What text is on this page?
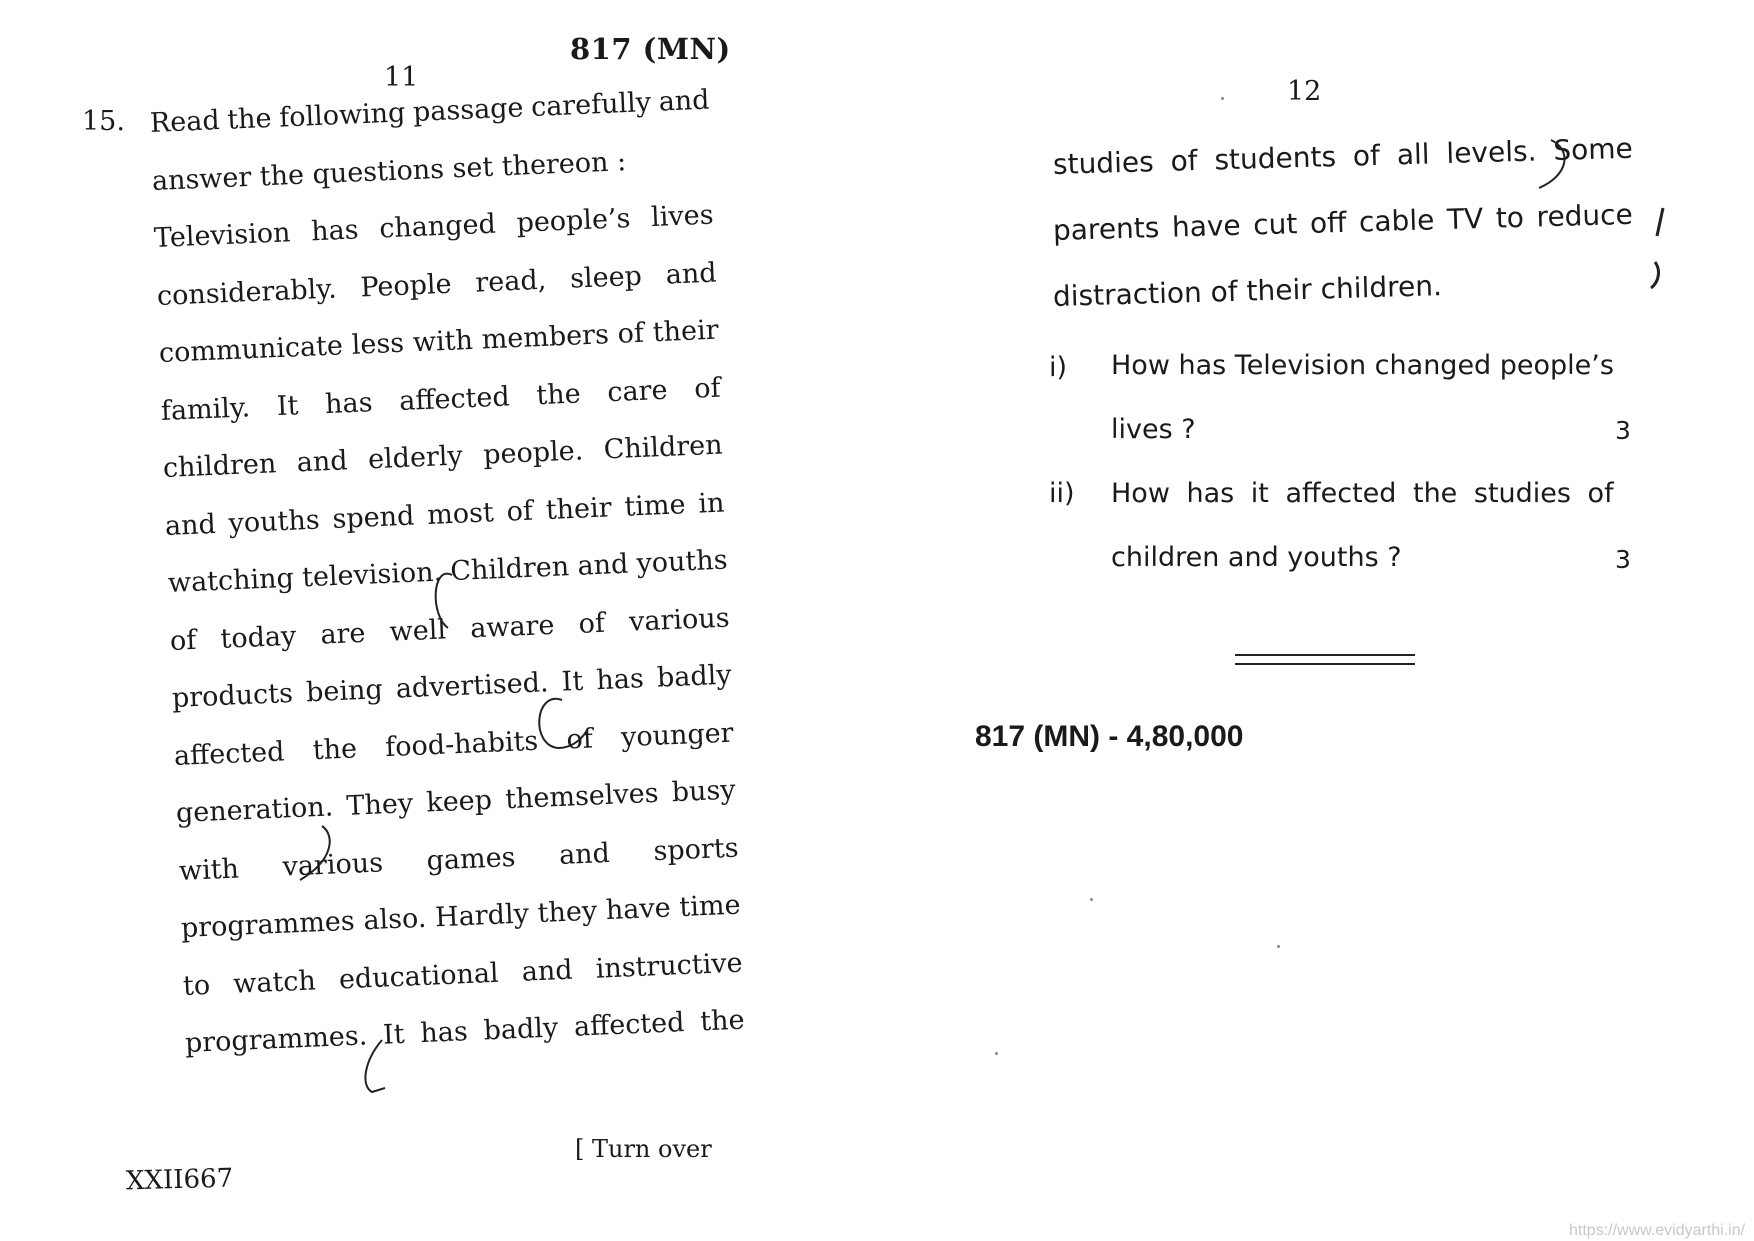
817 (MN)
11
15. Read the following passage carefully and
answer the questions set thereon :
Television has changed people’s lives
considerably. People read, sleep and
communicate less with members of their
family. It has affected the care of
children and elderly people. Children
and youths spend most of their time in
watching television. Children and youths
of today are well aware of various
products being advertised. It has badly
affected the food-habits of younger
generation. They keep themselves busy
with various games and sports
programmes also. Hardly they have time
to watch educational and instructive
programmes. It has badly affected the
[ Turn over
XXII667
12
studies of students of all levels. Some
parents have cut off cable TV to reduce
distraction of their children.
i) How has Television changed people’s
lives ?	3
ii) How has it affected the studies of
children and youths ?	3
817 (MN) - 4,80,000
https://www.evidyarthi.in/
